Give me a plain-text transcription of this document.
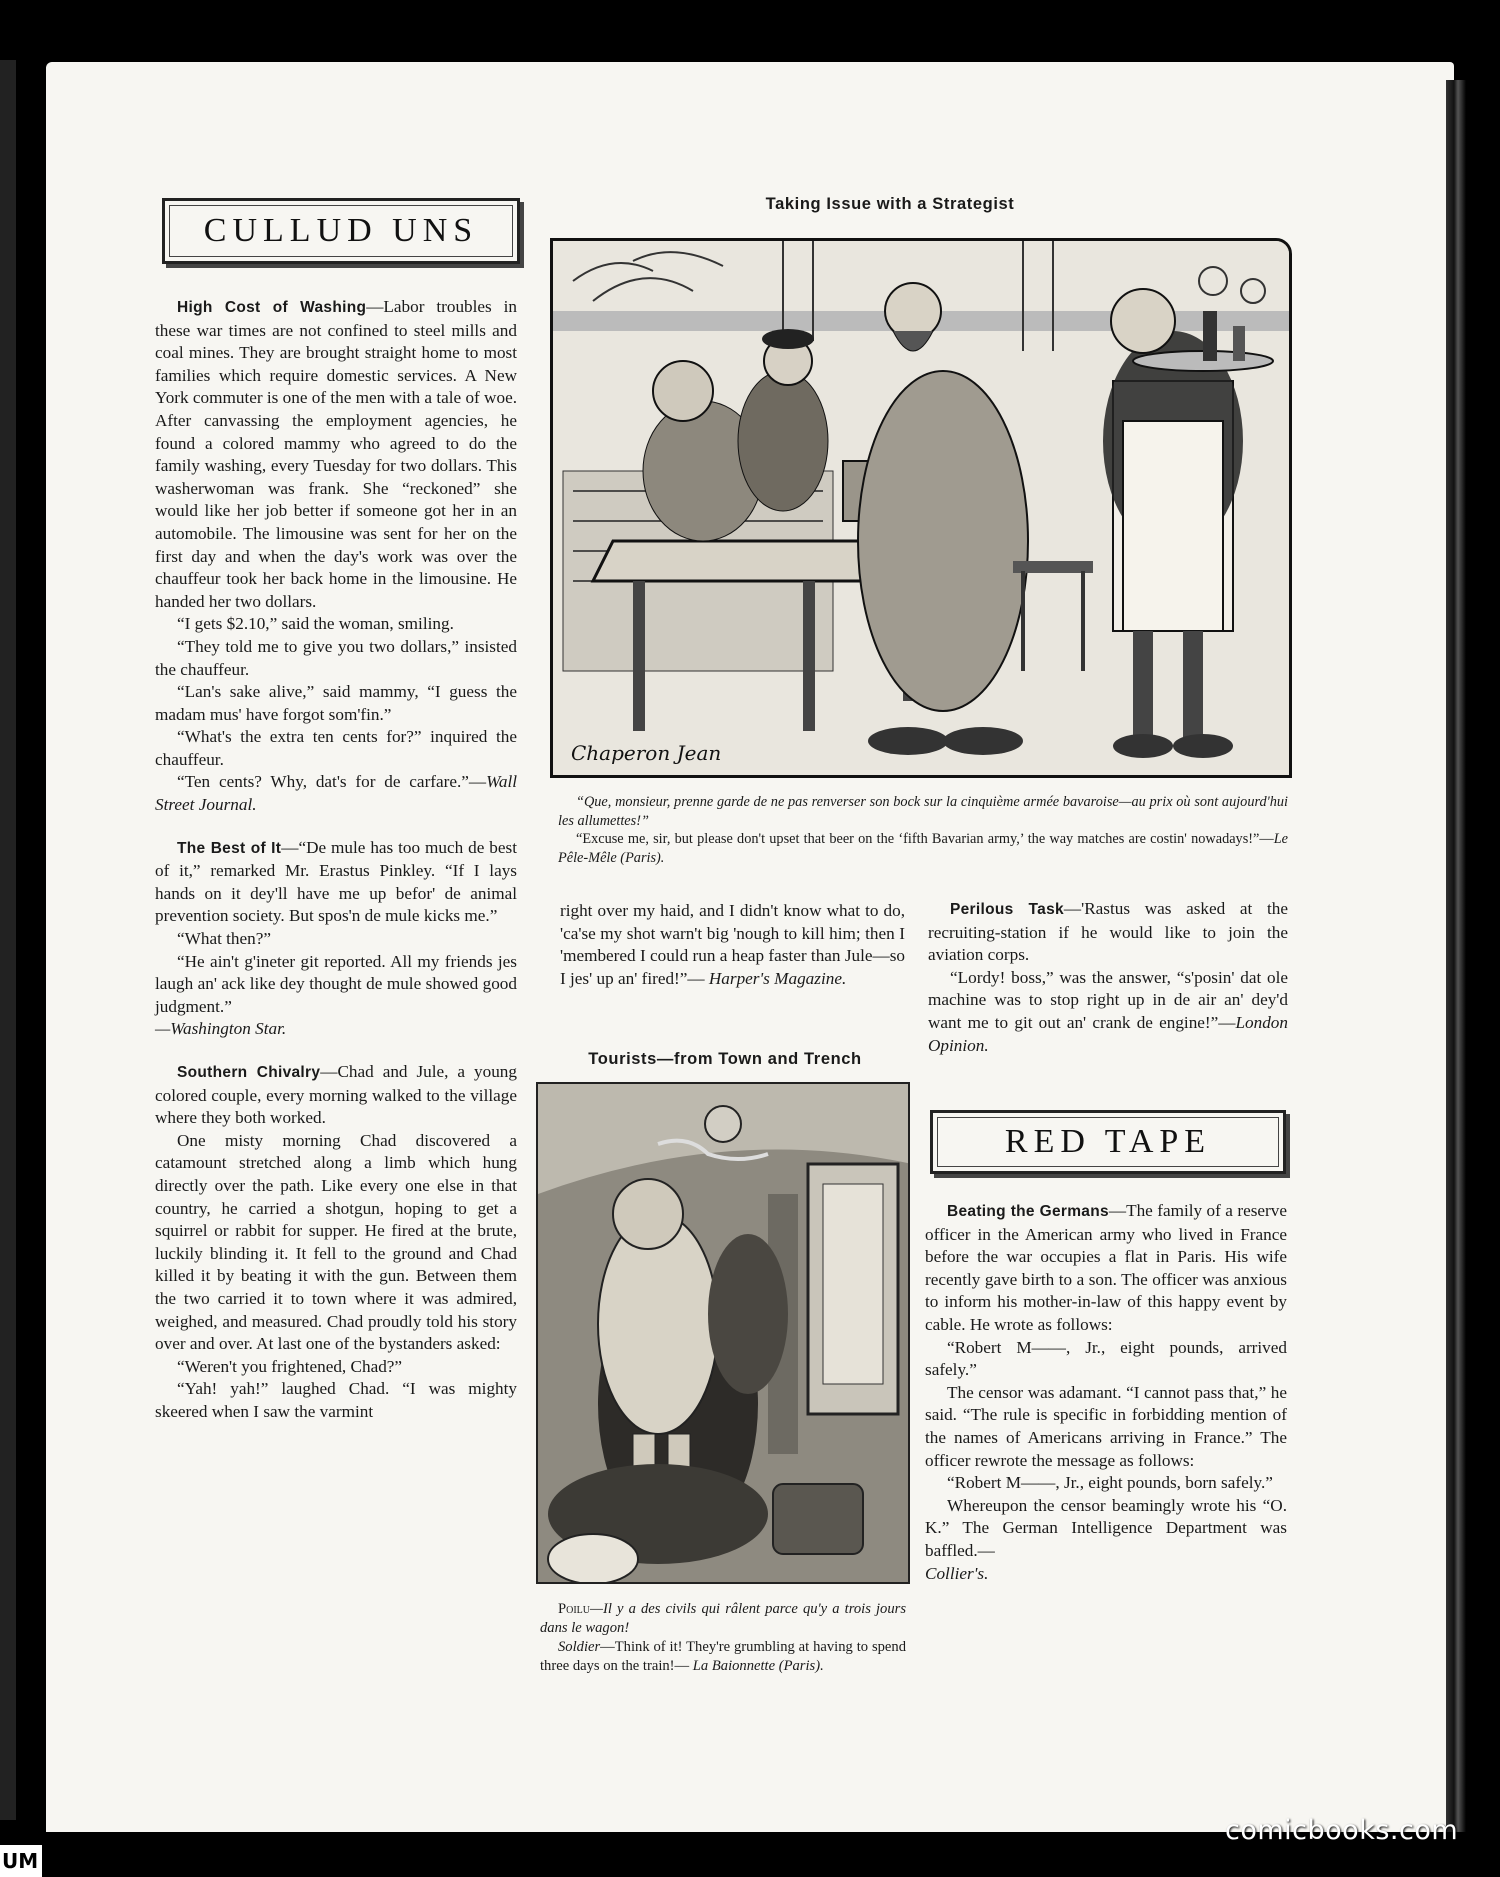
CULLUD UNS

High Cost of Washing—Labor troubles in these war times are not confined to steel mills and coal mines. They are brought straight home to most families which require domestic services. A New York commuter is one of the men with a tale of woe. After canvassing the employment agencies, he found a colored mammy who agreed to do the family washing, every Tuesday for two dollars. This washerwoman was frank. She “reckoned” she would like her job better if someone got her in an automobile. The limousine was sent for her on the first day and when the day's work was over the chauffeur took her back home in the limousine. He handed her two dollars.

“I gets $2.10,” said the woman, smiling.

“They told me to give you two dollars,” insisted the chauffeur.

“Lan's sake alive,” said mammy, “I guess the madam mus' have forgot som'fin.”

“What's the extra ten cents for?” inquired the chauffeur.

“Ten cents? Why, dat's for de carfare.”—Wall Street Journal.

The Best of It—“De mule has too much de best of it,” remarked Mr. Erastus Pinkley. “If I lays hands on it dey'll have me up befor' de animal prevention society. But spos'n de mule kicks me.”

“What then?”

“He ain't g'ineter git reported. All my friends jes laugh an' ack like dey thought de mule showed good judgment.”

—Washington Star.

Southern Chivalry—Chad and Jule, a young colored couple, every morning walked to the village where they both worked.

One misty morning Chad discovered a catamount stretched along a limb which hung directly over the path. Like every one else in that country, he carried a shotgun, hoping to get a squirrel or rabbit for supper. He fired at the brute, luckily blinding it. It fell to the ground and Chad killed it by beating it with the gun. Between them the two carried it to town where it was admired, weighed, and measured. Chad proudly told his story over and over. At last one of the bystanders asked:

“Weren't you frightened, Chad?”

“Yah! yah!” laughed Chad. “I was mighty skeered when I saw the varmint

Taking Issue with a Strategist
Chaperon Jean

“Que, monsieur, prenne garde de ne pas renverser son bock sur la cinquième armée bavaroise—au prix où sont aujourd'hui les allumettes!”

“Excuse me, sir, but please don't upset that beer on the ‘fifth Bavarian army,’ the way matches are costin' nowadays!”—Le Pêle-Mêle (Paris).

right over my haid, and I didn't know what to do, 'ca'se my shot warn't big 'nough to kill him; then I 'membered I could run a heap faster than Jule—so I jes' up an' fired!”— Harper's Magazine.

Tourists—from Town and Trench

Poilu—Il y a des civils qui râlent parce qu'y a trois jours dans le wagon!

Soldier—Think of it! They're grumbling at having to spend three days on the train!— La Baionnette (Paris).

Perilous Task—'Rastus was asked at the recruiting-station if he would like to join the aviation corps.

“Lordy! boss,” was the answer, “s'posin' dat ole machine was to stop right up in de air an' dey'd want me to git out an' crank de engine!”—London Opinion.

RED TAPE

Beating the Germans—The family of a reserve officer in the American army who lived in France before the war occupies a flat in Paris. His wife recently gave birth to a son. The officer was anxious to inform his mother-in-law of this happy event by cable. He wrote as follows:

“Robert M——, Jr., eight pounds, arrived safely.”

The censor was adamant. “I cannot pass that,” he said. “The rule is specific in forbidding mention of the names of Americans arriving in France.” The officer rewrote the message as follows:

“Robert M——, Jr., eight pounds, born safely.”

Whereupon the censor beamingly wrote his “O. K.” The German Intelligence Department was baffled.—

Collier's.

UM
comicbooks.com
